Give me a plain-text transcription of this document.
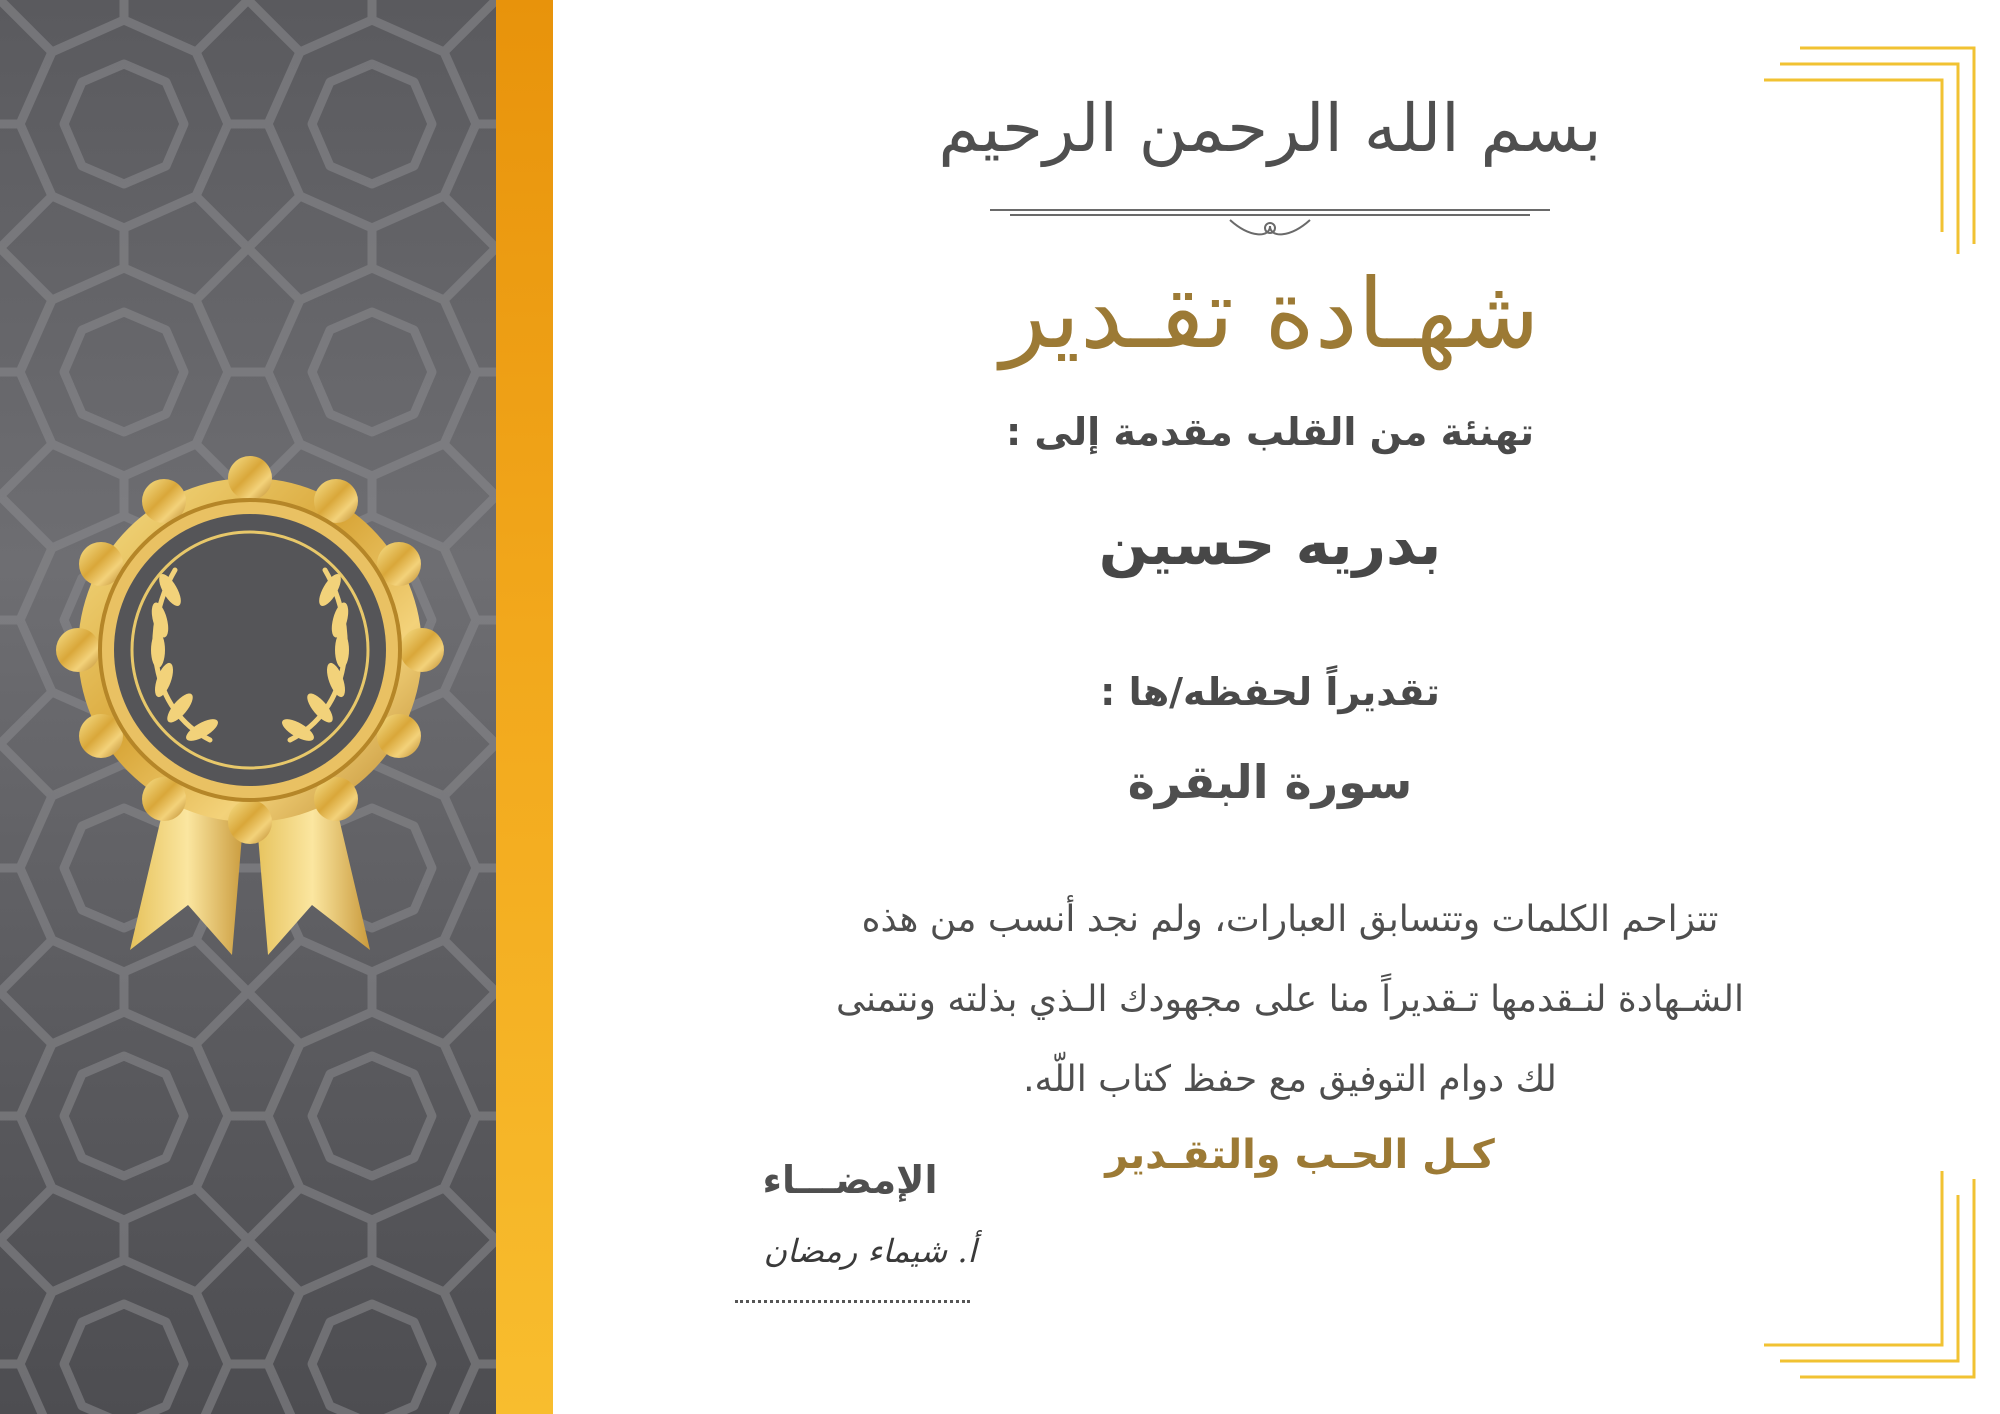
بسم الله الرحمن الرحيم
شهـادة تقـدير
تهنئة من القلب مقدمة إلى :
بدريه حسين
تقديراً لحفظه/ها :
سورة البقرة
تتزاحم الكلمات وتتسابق العبارات، ولم نجد أنسب من هذه
الشـهادة لنـقدمها تـقديراً منا على مجهودك الـذي بذلته ونتمنى
لك دوام التوفيق مع حفظ كتاب اللّه.
كـل الحـب والتقـدير
الإمضـــاء
أ. شيماء رمضان
